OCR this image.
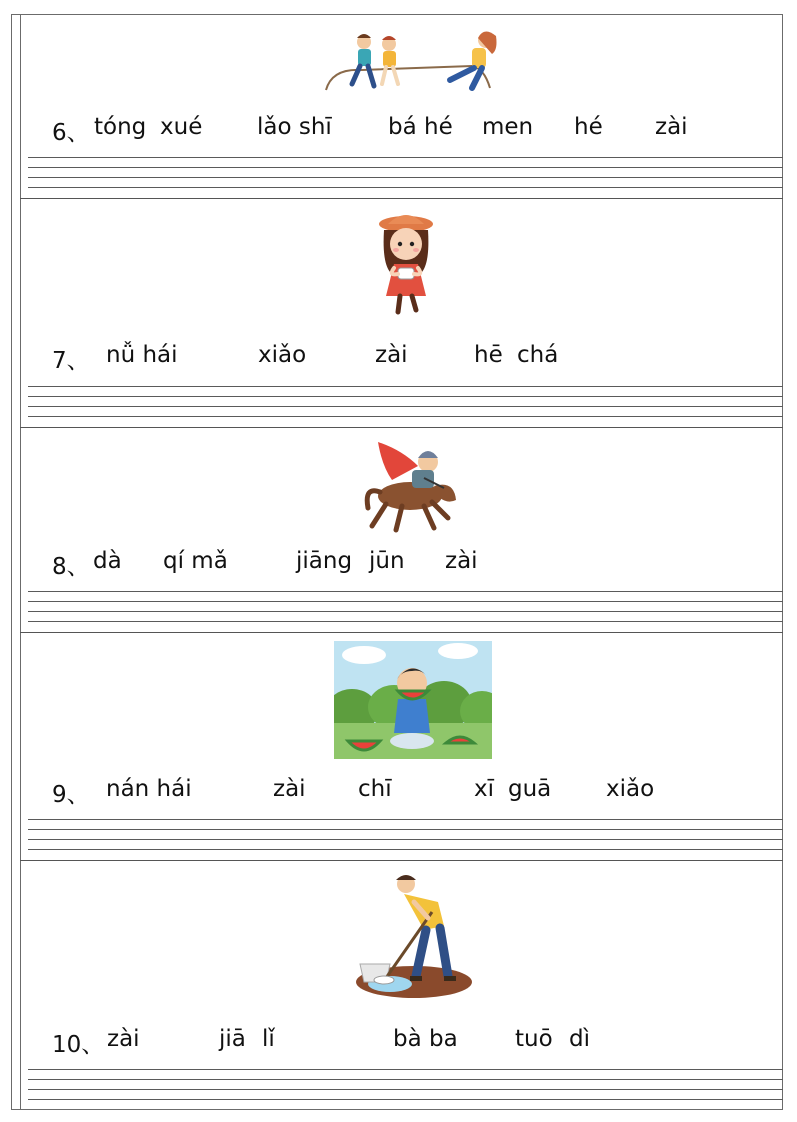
6、 tóng xué lǎo shī bá hé men hé zài
7、 nǚ hái	xiǎo	zài	hē chá
8、 dà qí mǎ	jiāng jūn zài
9、 nán hái	zài chī	xī guā xiǎo
10、 zài	jiā lǐ	bà ba tuō dì
